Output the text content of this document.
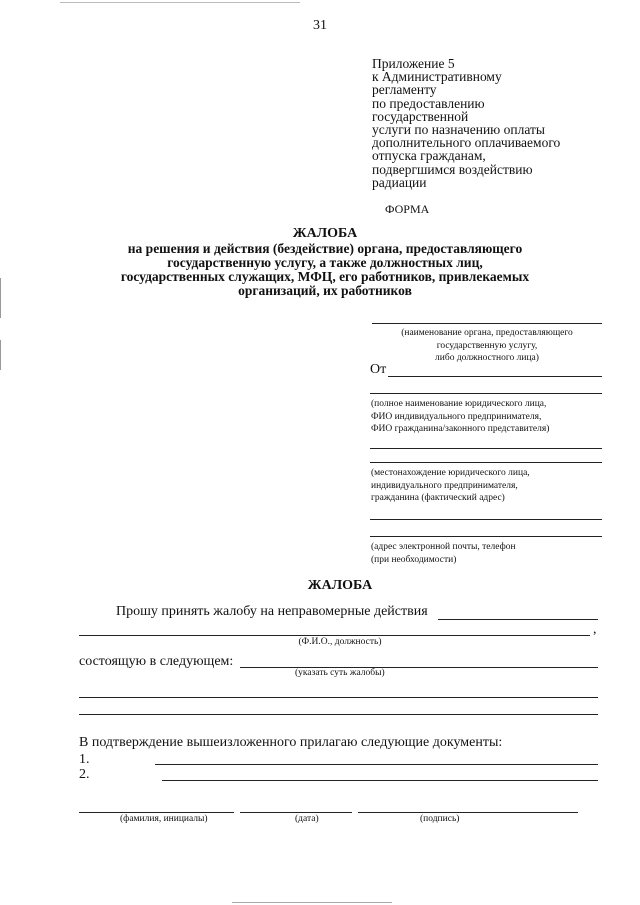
31
Приложение 5
к Административному
регламенту
по предоставлению
государственной
услуги по назначению оплаты
дополнительного оплачиваемого
отпуска гражданам,
подвергшимся воздействию
радиации
ФОРМА
ЖАЛОБА
на решения и действия (бездействие) органа, предоставляющего
государственную услугу, а также должностных лиц,
государственных служащих, МФЦ, его работников, привлекаемых
организаций, их работников
(наименование органа, предоставляющего
государственную услугу,
либо должностного лица)
От
(полное наименование юридического лица,
ФИО индивидуального предпринимателя,
ФИО гражданина/законного представителя)
(местонахождение юридического лица,
индивидуального предпринимателя,
гражданина (фактический адрес)
(адрес электронной почты, телефон
(при необходимости)
ЖАЛОБА
Прошу принять жалобу на неправомерные действия
,
(Ф.И.О., должность)
состоящую в следующем:
(указать суть жалобы)
В подтверждение вышеизложенного прилагаю следующие документы:
1.
2.
(фамилия, инициалы)	(дата)	(подпись)
